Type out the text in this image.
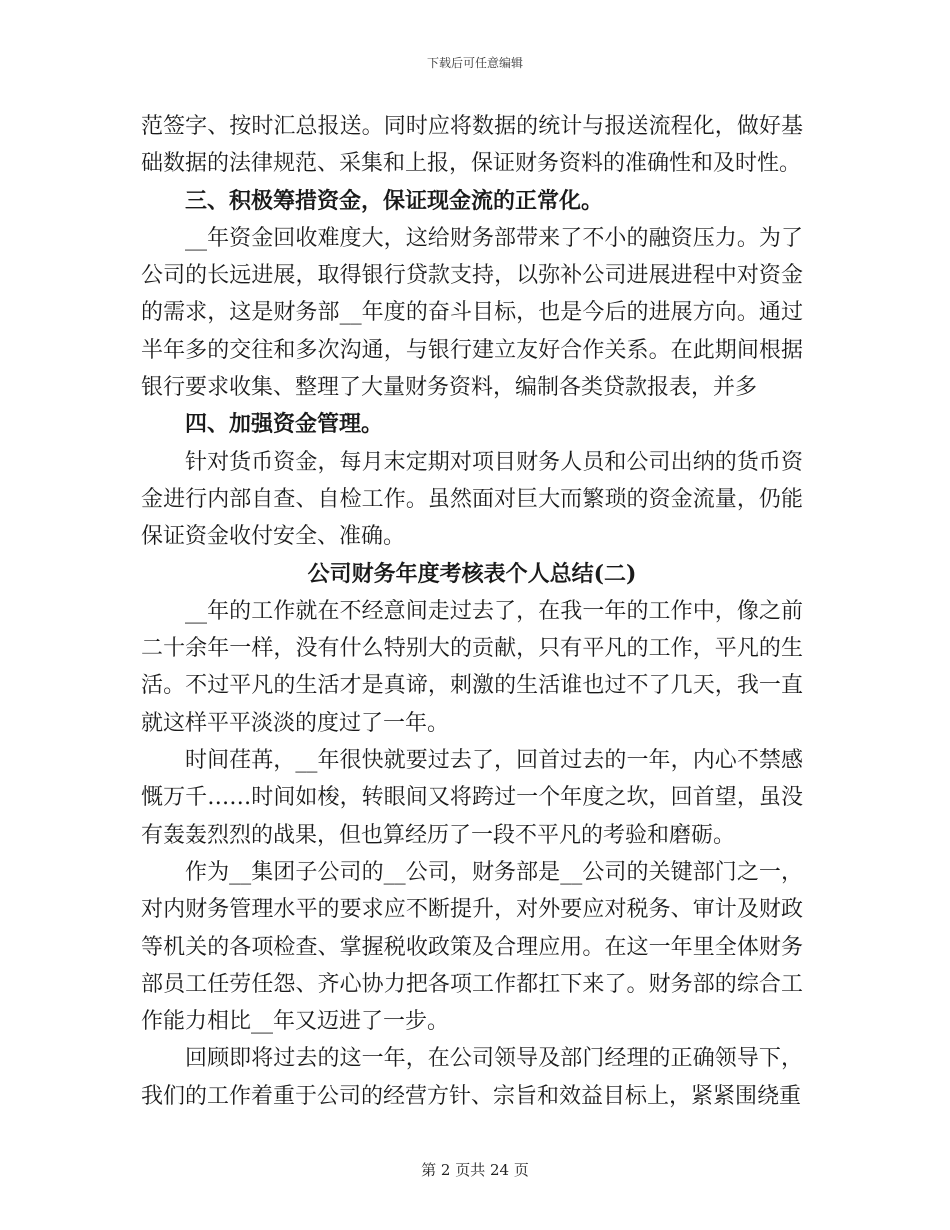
下载后可任意编辑

范签字、按时汇总报送。同时应将数据的统计与报送流程化，做好基础数据的法律规范、采集和上报，保证财务资料的准确性和及时性。

三、积极筹措资金，保证现金流的正常化。

__年资金回收难度大，这给财务部带来了不小的融资压力。为了公司的长远进展，取得银行贷款支持，以弥补公司进展进程中对资金的需求，这是财务部__年度的奋斗目标，也是今后的进展方向。通过半年多的交往和多次沟通，与银行建立友好合作关系。在此期间根据银行要求收集、整理了大量财务资料，编制各类贷款报表，并多

四、加强资金管理。

针对货币资金，每月末定期对项目财务人员和公司出纳的货币资金进行内部自查、自检工作。虽然面对巨大而繁琐的资金流量，仍能保证资金收付安全、准确。

公司财务年度考核表个人总结(二)

__年的工作就在不经意间走过去了，在我一年的工作中，像之前二十余年一样，没有什么特别大的贡献，只有平凡的工作，平凡的生活。不过平凡的生活才是真谛，刺激的生活谁也过不了几天，我一直就这样平平淡淡的度过了一年。

时间荏苒，__年很快就要过去了，回首过去的一年，内心不禁感慨万千……时间如梭，转眼间又将跨过一个年度之坎，回首望，虽没有轰轰烈烈的战果，但也算经历了一段不平凡的考验和磨砺。

作为__集团子公司的__公司，财务部是__公司的关键部门之一，对内财务管理水平的要求应不断提升，对外要应对税务、审计及财政等机关的各项检查、掌握税收政策及合理应用。在这一年里全体财务部员工任劳任怨、齐心协力把各项工作都扛下来了。财务部的综合工作能力相比__年又迈进了一步。

回顾即将过去的这一年，在公司领导及部门经理的正确领导下，我们的工作着重于公司的经营方针、宗旨和效益目标上，紧紧围绕重

第 2 页共 24 页
